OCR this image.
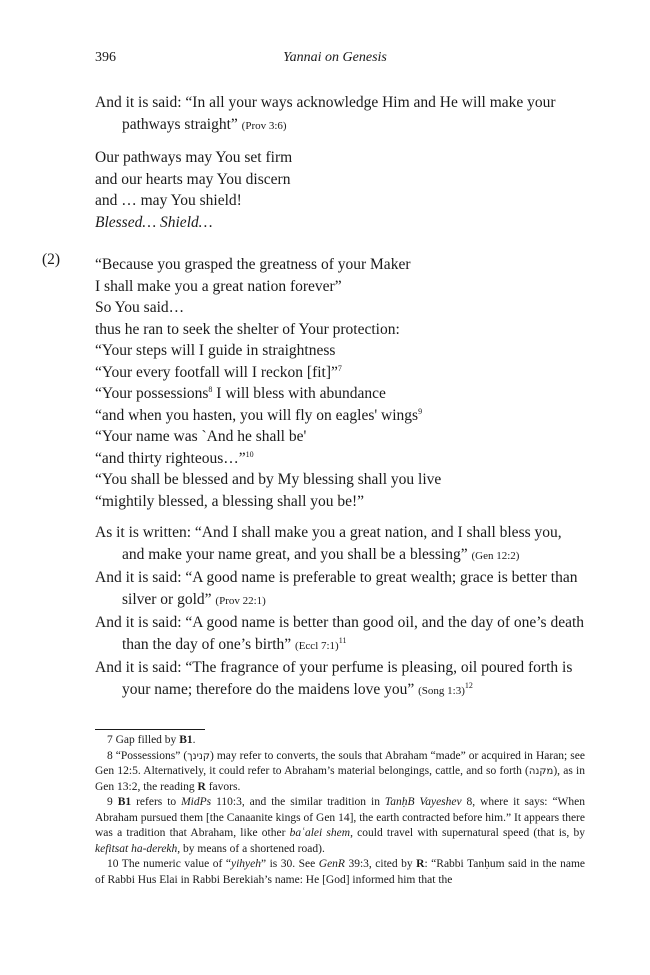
396	Yannai on Genesis
(2)

And it is said: “In all your ways acknowledge Him and He will make your pathways straight” (Prov 3:6)

Our pathways may You set firm
and our hearts may You discern
and … may You shield!
Blessed… Shield…
“Because you grasped the greatness of your Maker
I shall make you a great nation forever”
So You said…
thus he ran to seek the shelter of Your protection:
“Your steps will I guide in straightness
“Your every footfall will I reckon [fit]”$^7$
“Your possessions$^8$ I will bless with abundance
“and when you hasten, you will fly on eagles' wings$^9$
“Your name was `And he shall be'
“and thirty righteous…”$^{10}$
“You shall be blessed and by My blessing shall you live
“mightily blessed, a blessing shall you be!”

As it is written: “And I shall make you a great nation, and I shall bless you, and make your name great, and you shall be a blessing” (Gen 12:2)

And it is said: “A good name is preferable to great wealth; grace is better than silver or gold” (Prov 22:1)

And it is said: “A good name is better than good oil, and the day of one’s death than the day of one’s birth” (Eccl 7:1)$^{11}$

And it is said: “The fragrance of your perfume is pleasing, oil poured forth is your name; therefore do the maidens love you” (Song 1:3)$^{12}$

7 Gap filled by B1.

8 “Possessions” (קנינך) may refer to converts, the souls that Abraham “made” or acquired in Haran; see Gen 12:5. Alternatively, it could refer to Abraham’s material belongings, cattle, and so forth (מקנה), as in Gen 13:2, the reading R favors.

9 B1 refers to MidPs 110:3, and the similar tradition in TanḥB Vayeshev 8, where it says: “When Abraham pursued them [the Canaanite kings of Gen 14], the earth contracted before him.” It appears there was a tradition that Abraham, like other baʿalei shem, could travel with supernatural speed (that is, by kefitsat ha-derekh, by means of a shortened road).

10 The numeric value of “yihyeh” is 30. See GenR 39:3, cited by R: “Rabbi Tanḥum said in the name of Rabbi Hus Elai in Rabbi Berekiah’s name: He [God] informed him that the
